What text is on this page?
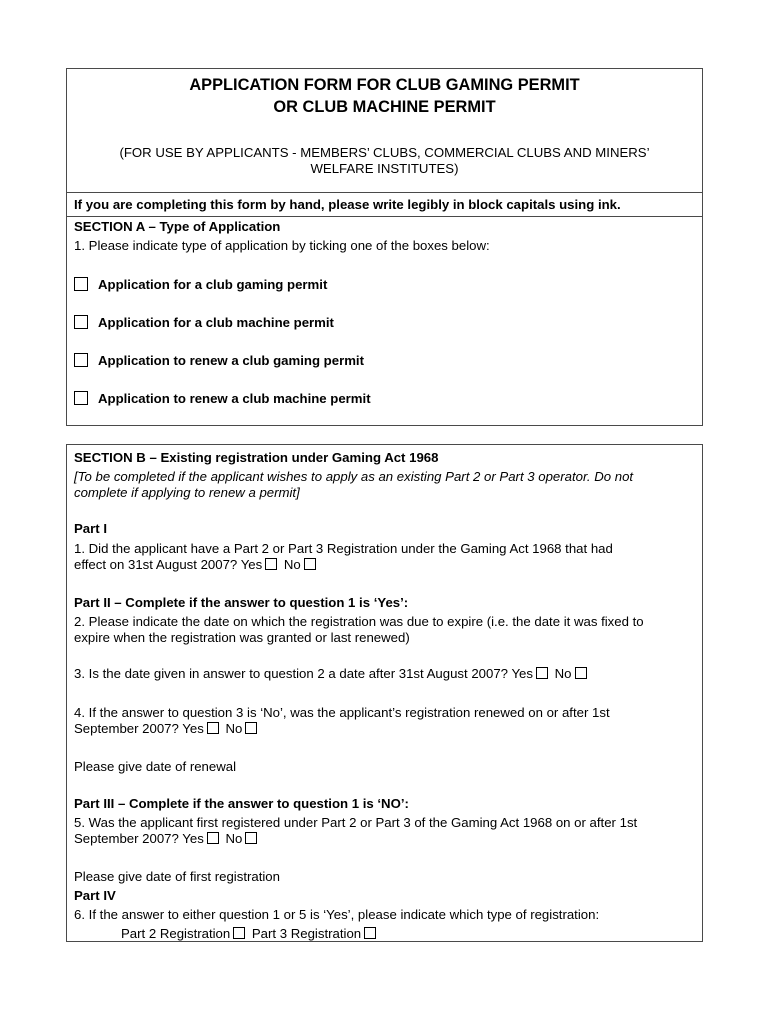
APPLICATION FORM FOR CLUB GAMING PERMIT
OR CLUB MACHINE PERMIT
(FOR USE BY APPLICANTS - MEMBERS’ CLUBS, COMMERCIAL CLUBS AND MINERS’
WELFARE INSTITUTES)
If you are completing this form by hand, please write legibly in block capitals using ink.
SECTION A – Type of Application
1. Please indicate type of application by ticking one of the boxes below:
Application for a club gaming permit
Application for a club machine permit
Application to renew a club gaming permit
Application to renew a club machine permit
SECTION B – Existing registration under Gaming Act 1968
[To be completed if the applicant wishes to apply as an existing Part 2 or Part 3 operator. Do not
complete if applying to renew a permit]
Part I
1. Did the applicant have a Part 2 or Part 3 Registration under the Gaming Act 1968 that had
effect on 31st August 2007? Yes No
Part II – Complete if the answer to question 1 is ‘Yes’:
2. Please indicate the date on which the registration was due to expire (i.e. the date it was fixed to
expire when the registration was granted or last renewed)
3. Is the date given in answer to question 2 a date after 31st August 2007? Yes No
4. If the answer to question 3 is ‘No’, was the applicant’s registration renewed on or after 1st
September 2007? Yes No
Please give date of renewal
Part III – Complete if the answer to question 1 is ‘NO’:
5. Was the applicant first registered under Part 2 or Part 3 of the Gaming Act 1968 on or after 1st
September 2007? Yes No
Please give date of first registration
Part IV
6. If the answer to either question 1 or 5 is ‘Yes’, please indicate which type of registration:
Part 2 Registration Part 3 Registration
